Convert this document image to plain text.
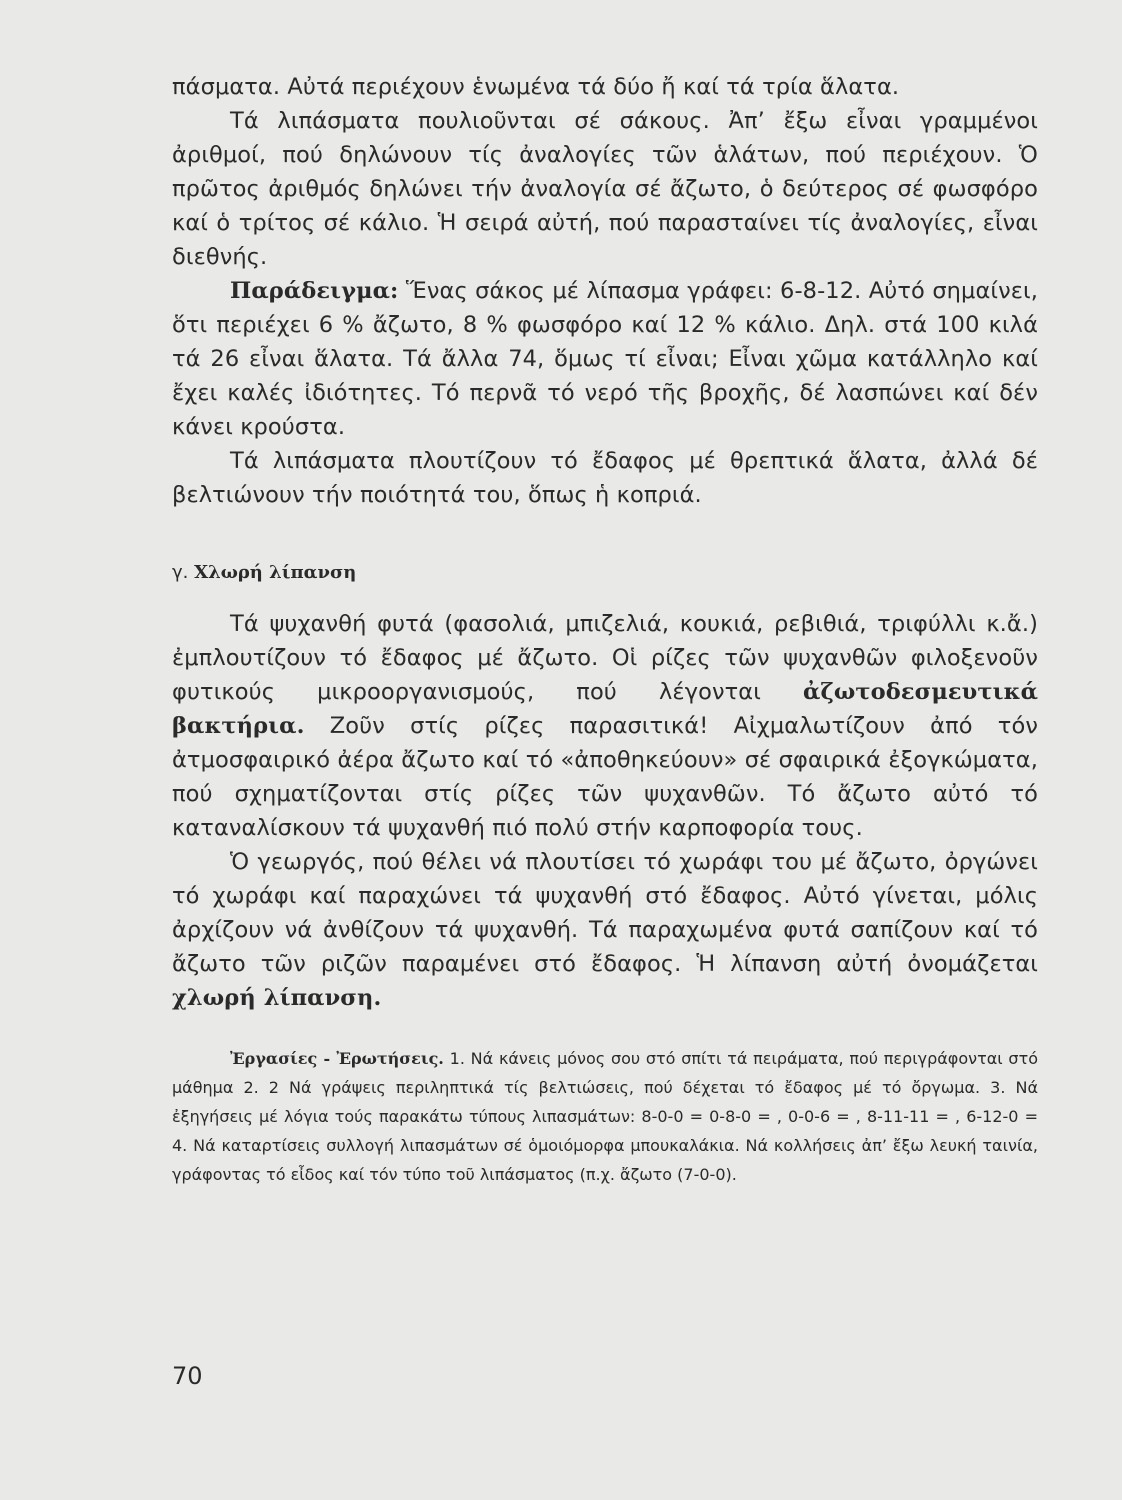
πάσματα. Αὐτά περιέχουν ἑνωμένα τά δύο ἤ καί τά τρία ἅλατα.

Τά λιπάσματα πουλιοῦνται σέ σάκους. Ἀπ’ ἔξω εἶναι γραμμένοι ἀριθμοί, πού δηλώνουν τίς ἀναλογίες τῶν ἁλάτων, πού περιέχουν. Ὁ πρῶτος ἀριθμός δηλώνει τήν ἀναλογία σέ ἄζωτο, ὁ δεύτερος σέ φωσφόρο καί ὁ τρίτος σέ κάλιο. Ἡ σειρά αὐτή, πού παρασταίνει τίς ἀναλογίες, εἶναι διεθνής.

Παράδειγμα: Ἕνας σάκος μέ λίπασμα γράφει: 6-8-12. Αὐτό σημαίνει, ὅτι περιέχει 6 % ἄζωτο, 8 % φωσφόρο καί 12 % κάλιο. Δηλ. στά 100 κιλά τά 26 εἶναι ἅλατα. Τά ἄλλα 74, ὅμως τί εἶναι; Εἶναι χῶμα κατάλληλο καί ἔχει καλές ἰδιότητες. Τό περνᾶ τό νερό τῆς βροχῆς, δέ λασπώνει καί δέν κάνει κρούστα.

Τά λιπάσματα πλουτίζουν τό ἔδαφος μέ θρεπτικά ἅλατα, ἀλλά δέ βελτιώνουν τήν ποιότητά του, ὅπως ἡ κοπριά.

γ. Χλωρή λίπανση

Τά ψυχανθή φυτά (φασολιά, μπιζελιά, κουκιά, ρεβιθιά, τριφύλλι κ.ἄ.) ἐμπλουτίζουν τό ἔδαφος μέ ἄζωτο. Οἱ ρίζες τῶν ψυχανθῶν φιλοξενοῦν φυτικούς μικροοργανισμούς, πού λέγονται ἀζωτοδεσμευτικά βακτήρια. Ζοῦν στίς ρίζες παρασιτικά! Αἰχμαλωτίζουν ἀπό τόν ἀτμοσφαιρικό ἀέρα ἄζωτο καί τό «ἀποθηκεύουν» σέ σφαιρικά ἐξογκώματα, πού σχηματίζονται στίς ρίζες τῶν ψυχανθῶν. Τό ἄζωτο αὐτό τό καταναλίσκουν τά ψυχανθή πιό πολύ στήν καρποφορία τους.

Ὁ γεωργός, πού θέλει νά πλουτίσει τό χωράφι του μέ ἄζωτο, ὀργώνει τό χωράφι καί παραχώνει τά ψυχανθή στό ἔδαφος. Αὐτό γίνεται, μόλις ἀρχίζουν νά ἀνθίζουν τά ψυχανθή. Τά παραχωμένα φυτά σαπίζουν καί τό ἄζωτο τῶν ριζῶν παραμένει στό ἔδαφος. Ἡ λίπανση αὐτή ὀνομάζεται χλωρή λίπανση.

Ἐργασίες - Ἐρωτήσεις. 1. Νά κάνεις μόνος σου στό σπίτι τά πειράματα, πού περιγράφονται στό μάθημα 2. 2 Νά γράψεις περιληπτικά τίς βελτιώσεις, πού δέχεται τό ἔδαφος μέ τό ὄργωμα. 3. Νά ἐξηγήσεις μέ λόγια τούς παρακάτω τύπους λιπασμάτων: 8-0-0 = 0-8-0 = , 0-0-6 = , 8-11-11 = , 6-12-0 = 4. Νά καταρτίσεις συλλογή λιπασμάτων σέ ὁμοιόμορφα μπουκαλάκια. Νά κολλήσεις ἀπ’ ἔξω λευκή ταινία, γράφοντας τό εἶδος καί τόν τύπο τοῦ λιπάσματος (π.χ. ἄζωτο (7-0-0).

70
